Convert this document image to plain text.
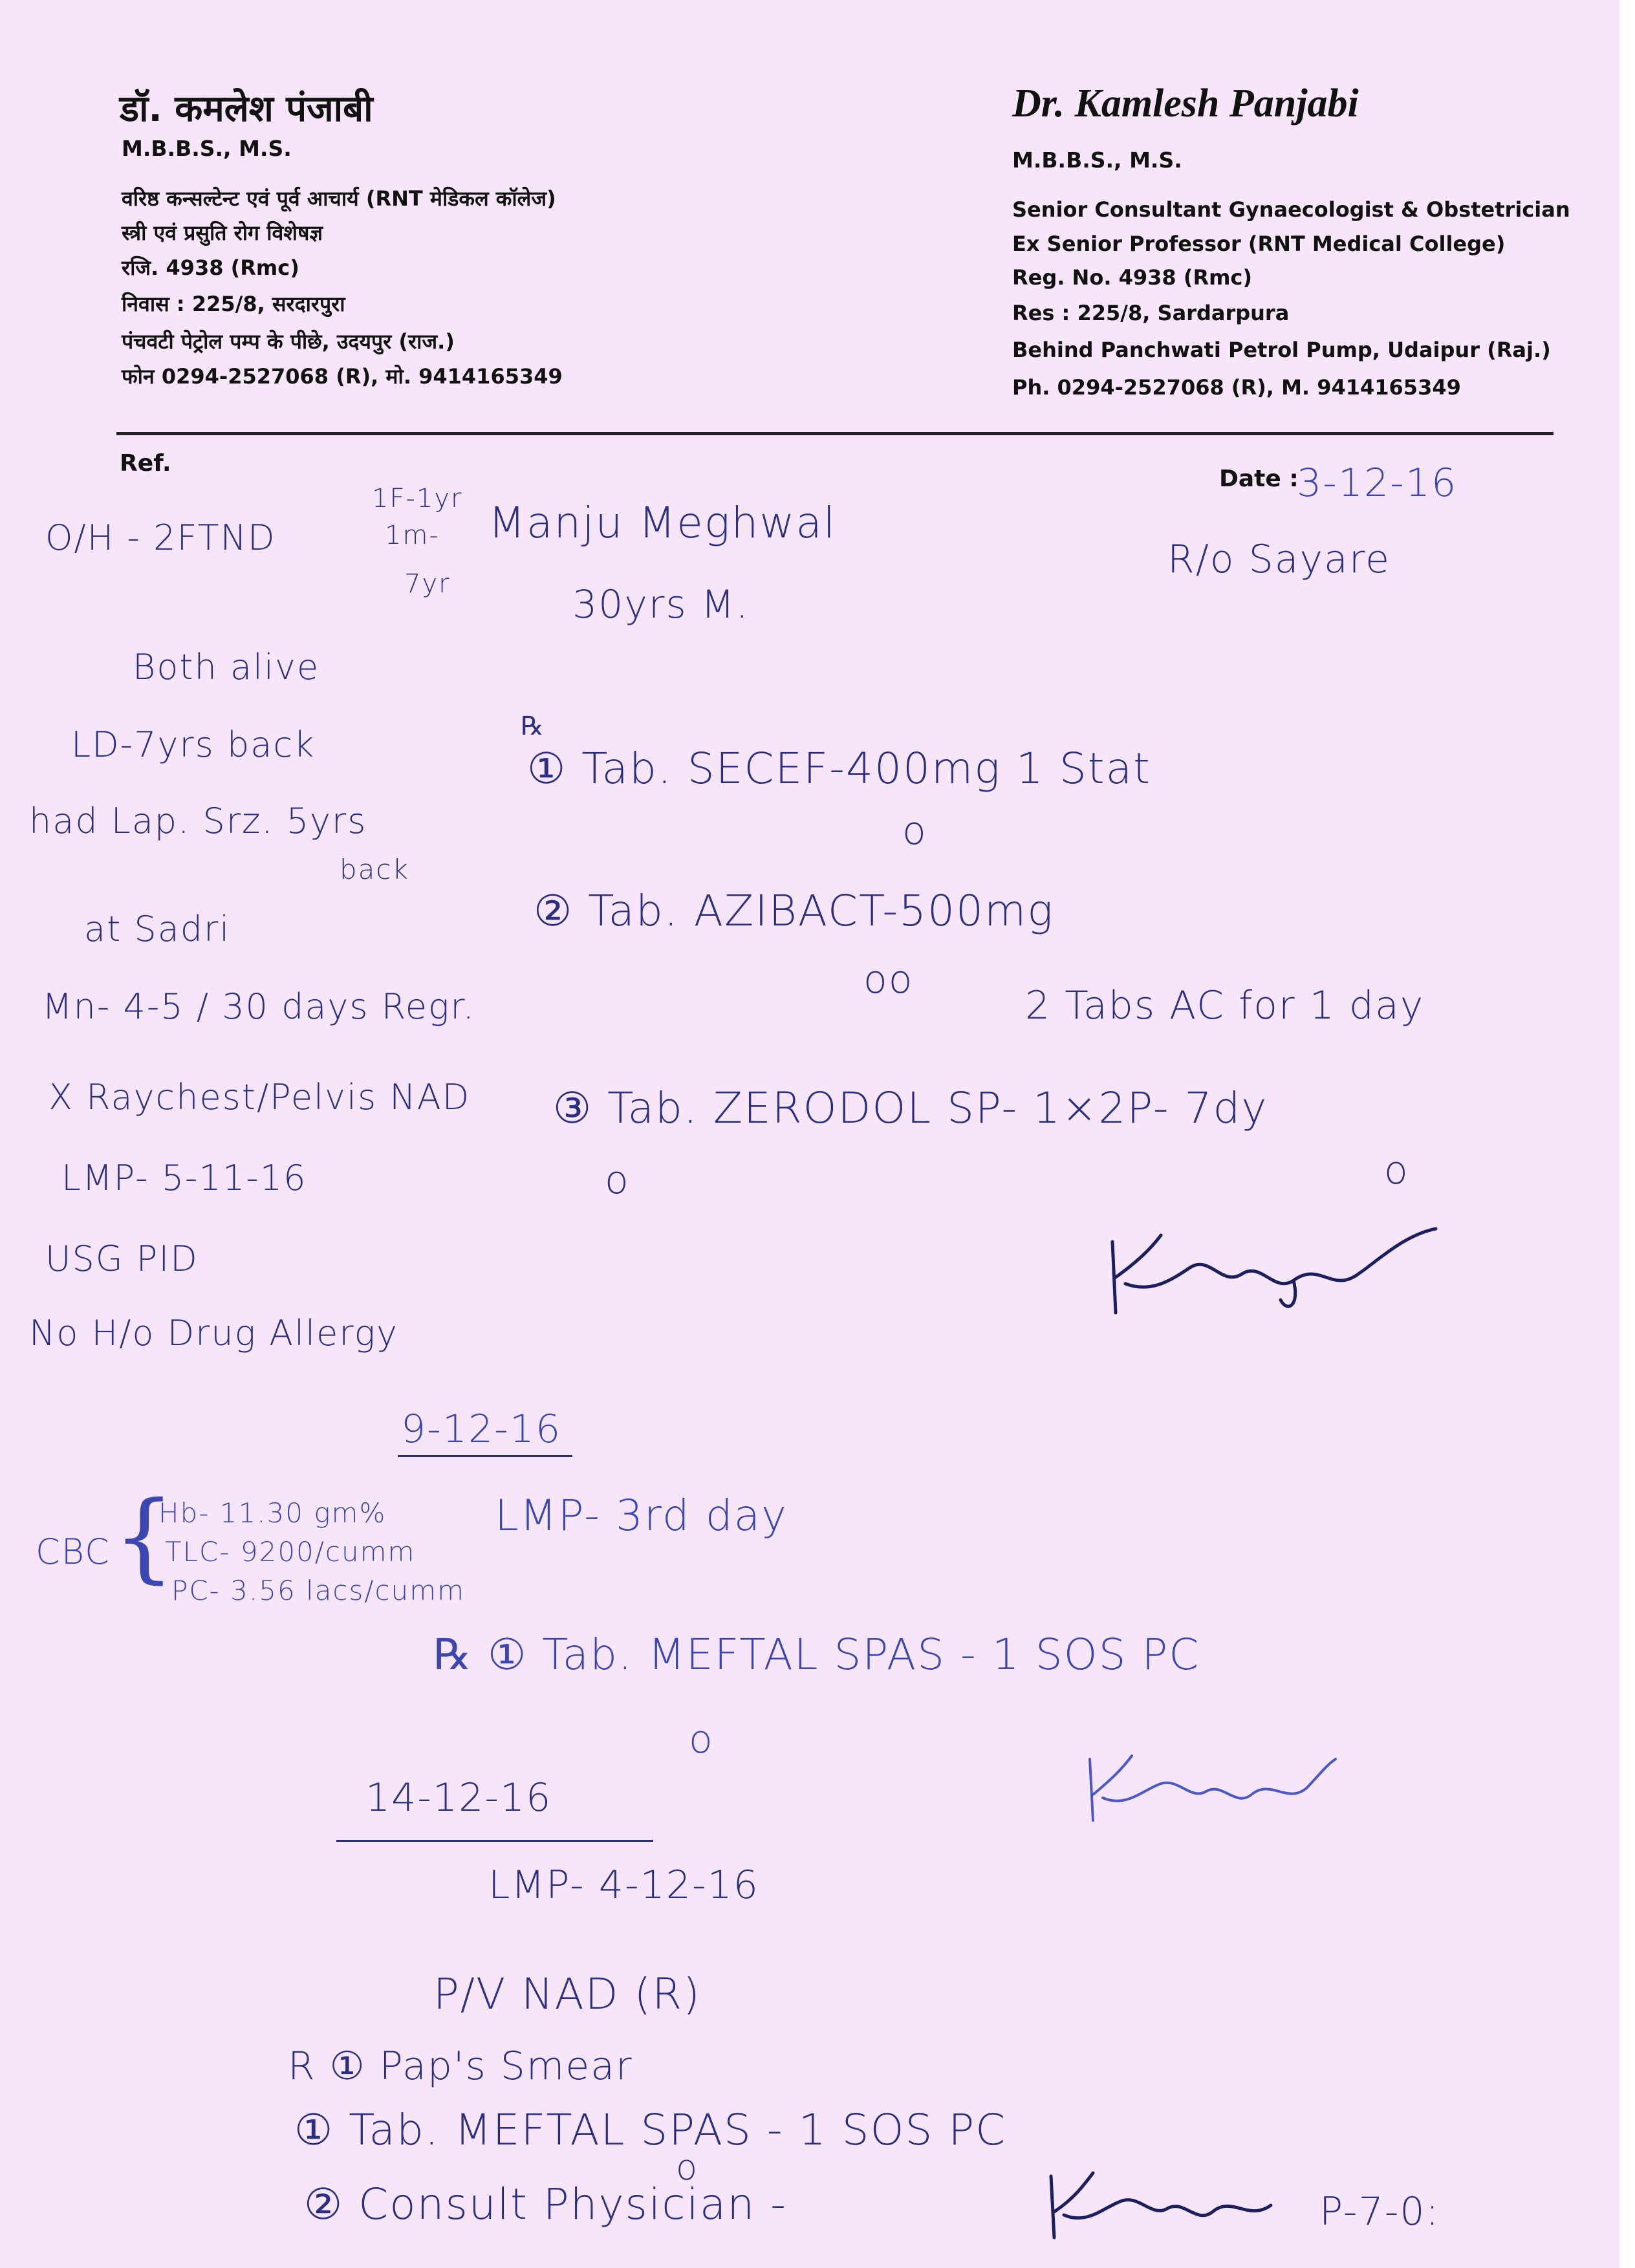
डॉ. कमलेश पंजाबी
M.B.B.S., M.S.
वरिष्ठ कन्सल्टेन्ट एवं पूर्व आचार्य (RNT मेडिकल कॉलेज)
स्त्री एवं प्रसुति रोग विशेषज्ञ
रजि. 4938 (Rmc)
निवास : 225/8, सरदारपुरा
पंचवटी पेट्रोल पम्प के पीछे, उदयपुर (राज.)
फोन 0294-2527068 (R), मो. 9414165349
Dr. Kamlesh Panjabi
M.B.B.S., M.S.
Senior Consultant Gynaecologist & Obstetrician
Ex Senior Professor (RNT Medical College)
Reg. No. 4938 (Rmc)
Res : 225/8, Sardarpura
Behind Panchwati Petrol Pump, Udaipur (Raj.)
Ph. 0294-2527068 (R), M. 9414165349
Ref.
Date :
3-12-16
O/H - 2FTND
1F-1yr
1m-
7yr
Manju Meghwal
30yrs M.
R/o Sayare
Both alive
LD-7yrs back
had Lap. Srz. 5yrs
back
at Sadri
Mn- 4-5 / 30 days Regr.
X Raychest/Pelvis NAD
LMP- 5-11-16
USG PID
No H/o Drug Allergy
℞
① Tab. SECEF-400mg 1 Stat
o
② Tab. AZIBACT-500mg
oo
2 Tabs AC for 1 day
③ Tab. ZERODOL SP- 1×2P- 7dy
o	o
9-12-16
CBC {
Hb- 11.30 gm%
TLC- 9200/cumm
PC- 3.56 lacs/cumm
LMP- 3rd day
℞ ① Tab. MEFTAL SPAS - 1 SOS PC
o
14-12-16
LMP- 4-12-16
P/V NAD (R)
R ① Pap's Smear
① Tab. MEFTAL SPAS - 1 SOS PC
o
② Consult Physician -	P-7-0:
